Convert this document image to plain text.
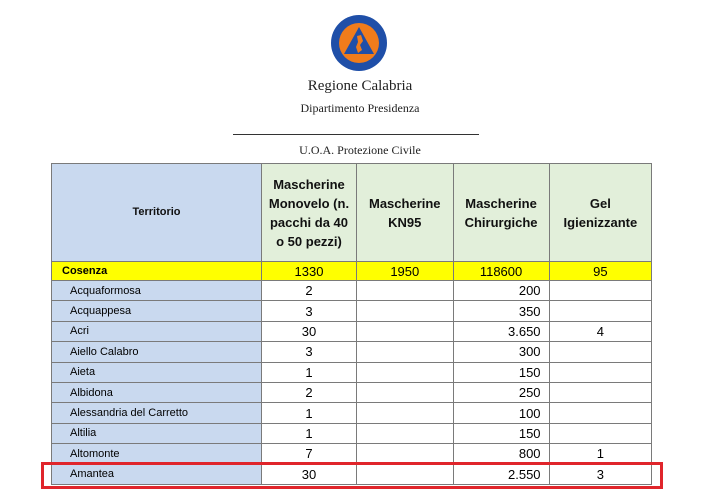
Regione Calabria
Dipartimento Presidenza
U.O.A. Protezione Civile
Territorio	Mascherine Monovelo (n. pacchi da 40 o 50 pezzi)	Mascherine KN95	Mascherine Chirurgiche	Gel Igienizzante
Cosenza	1330	1950	118600	95
Acquaformosa	2		200	
Acquappesa	3		350	
Acri	30		3.650	4
Aiello Calabro	3		300	
Aieta	1		150	
Albidona	2		250	
Alessandria del Carretto	1		100	
Altilia	1		150	
Altomonte	7		800	1
Amantea	30		2.550	3
